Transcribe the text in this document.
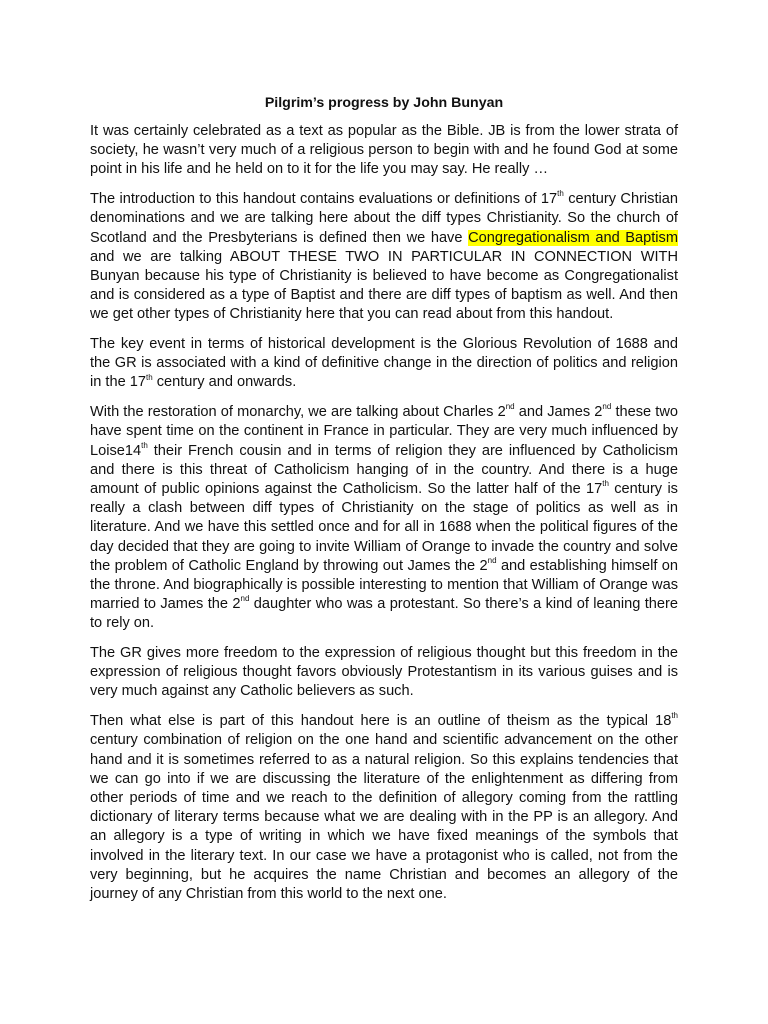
Pilgrim’s progress by John Bunyan

It was certainly celebrated as a text as popular as the Bible. JB is from the lower strata of society, he wasn’t very much of a religious person to begin with and he found God at some point in his life and he held on to it for the life you may say. He really …

The introduction to this handout contains evaluations or definitions of 17th century Christian denominations and we are talking here about the diff types Christianity. So the church of Scotland and the Presbyterians is defined then we have Congregationalism and Baptism and we are talking ABOUT THESE TWO IN PARTICULAR IN CONNECTION WITH Bunyan because his type of Christianity is believed to have become as Congregationalist and is considered as a type of Baptist and there are diff types of baptism as well. And then we get other types of Christianity here that you can read about from this handout.

The key event in terms of historical development is the Glorious Revolution of 1688 and the GR is associated with a kind of definitive change in the direction of politics and religion in the 17th century and onwards.

With the restoration of monarchy, we are talking about Charles 2nd and James 2nd these two have spent time on the continent in France in particular. They are very much influenced by Loise14th their French cousin and in terms of religion they are influenced by Catholicism and there is this threat of Catholicism hanging of in the country. And there is a huge amount of public opinions against the Catholicism. So the latter half of the 17th century is really a clash between diff types of Christianity on the stage of politics as well as in literature. And we have this settled once and for all in 1688 when the political figures of the day decided that they are going to invite William of Orange to invade the country and solve the problem of Catholic England by throwing out James the 2nd and establishing himself on the throne. And biographically is possible interesting to mention that William of Orange was married to James the 2nd daughter who was a protestant. So there’s a kind of leaning there to rely on.

The GR gives more freedom to the expression of religious thought but this freedom in the expression of religious thought favors obviously Protestantism in its various guises and is very much against any Catholic believers as such.

Then what else is part of this handout here is an outline of theism as the typical 18th century combination of religion on the one hand and scientific advancement on the other hand and it is sometimes referred to as a natural religion. So this explains tendencies that we can go into if we are discussing the literature of the enlightenment as differing from other periods of time and we reach to the definition of allegory coming from the rattling dictionary of literary terms because what we are dealing with in the PP is an allegory. And an allegory is a type of writing in which we have fixed meanings of the symbols that involved in the literary text. In our case we have a protagonist who is called, not from the very beginning, but he acquires the name Christian and becomes an allegory of the journey of any Christian from this world to the next one.
